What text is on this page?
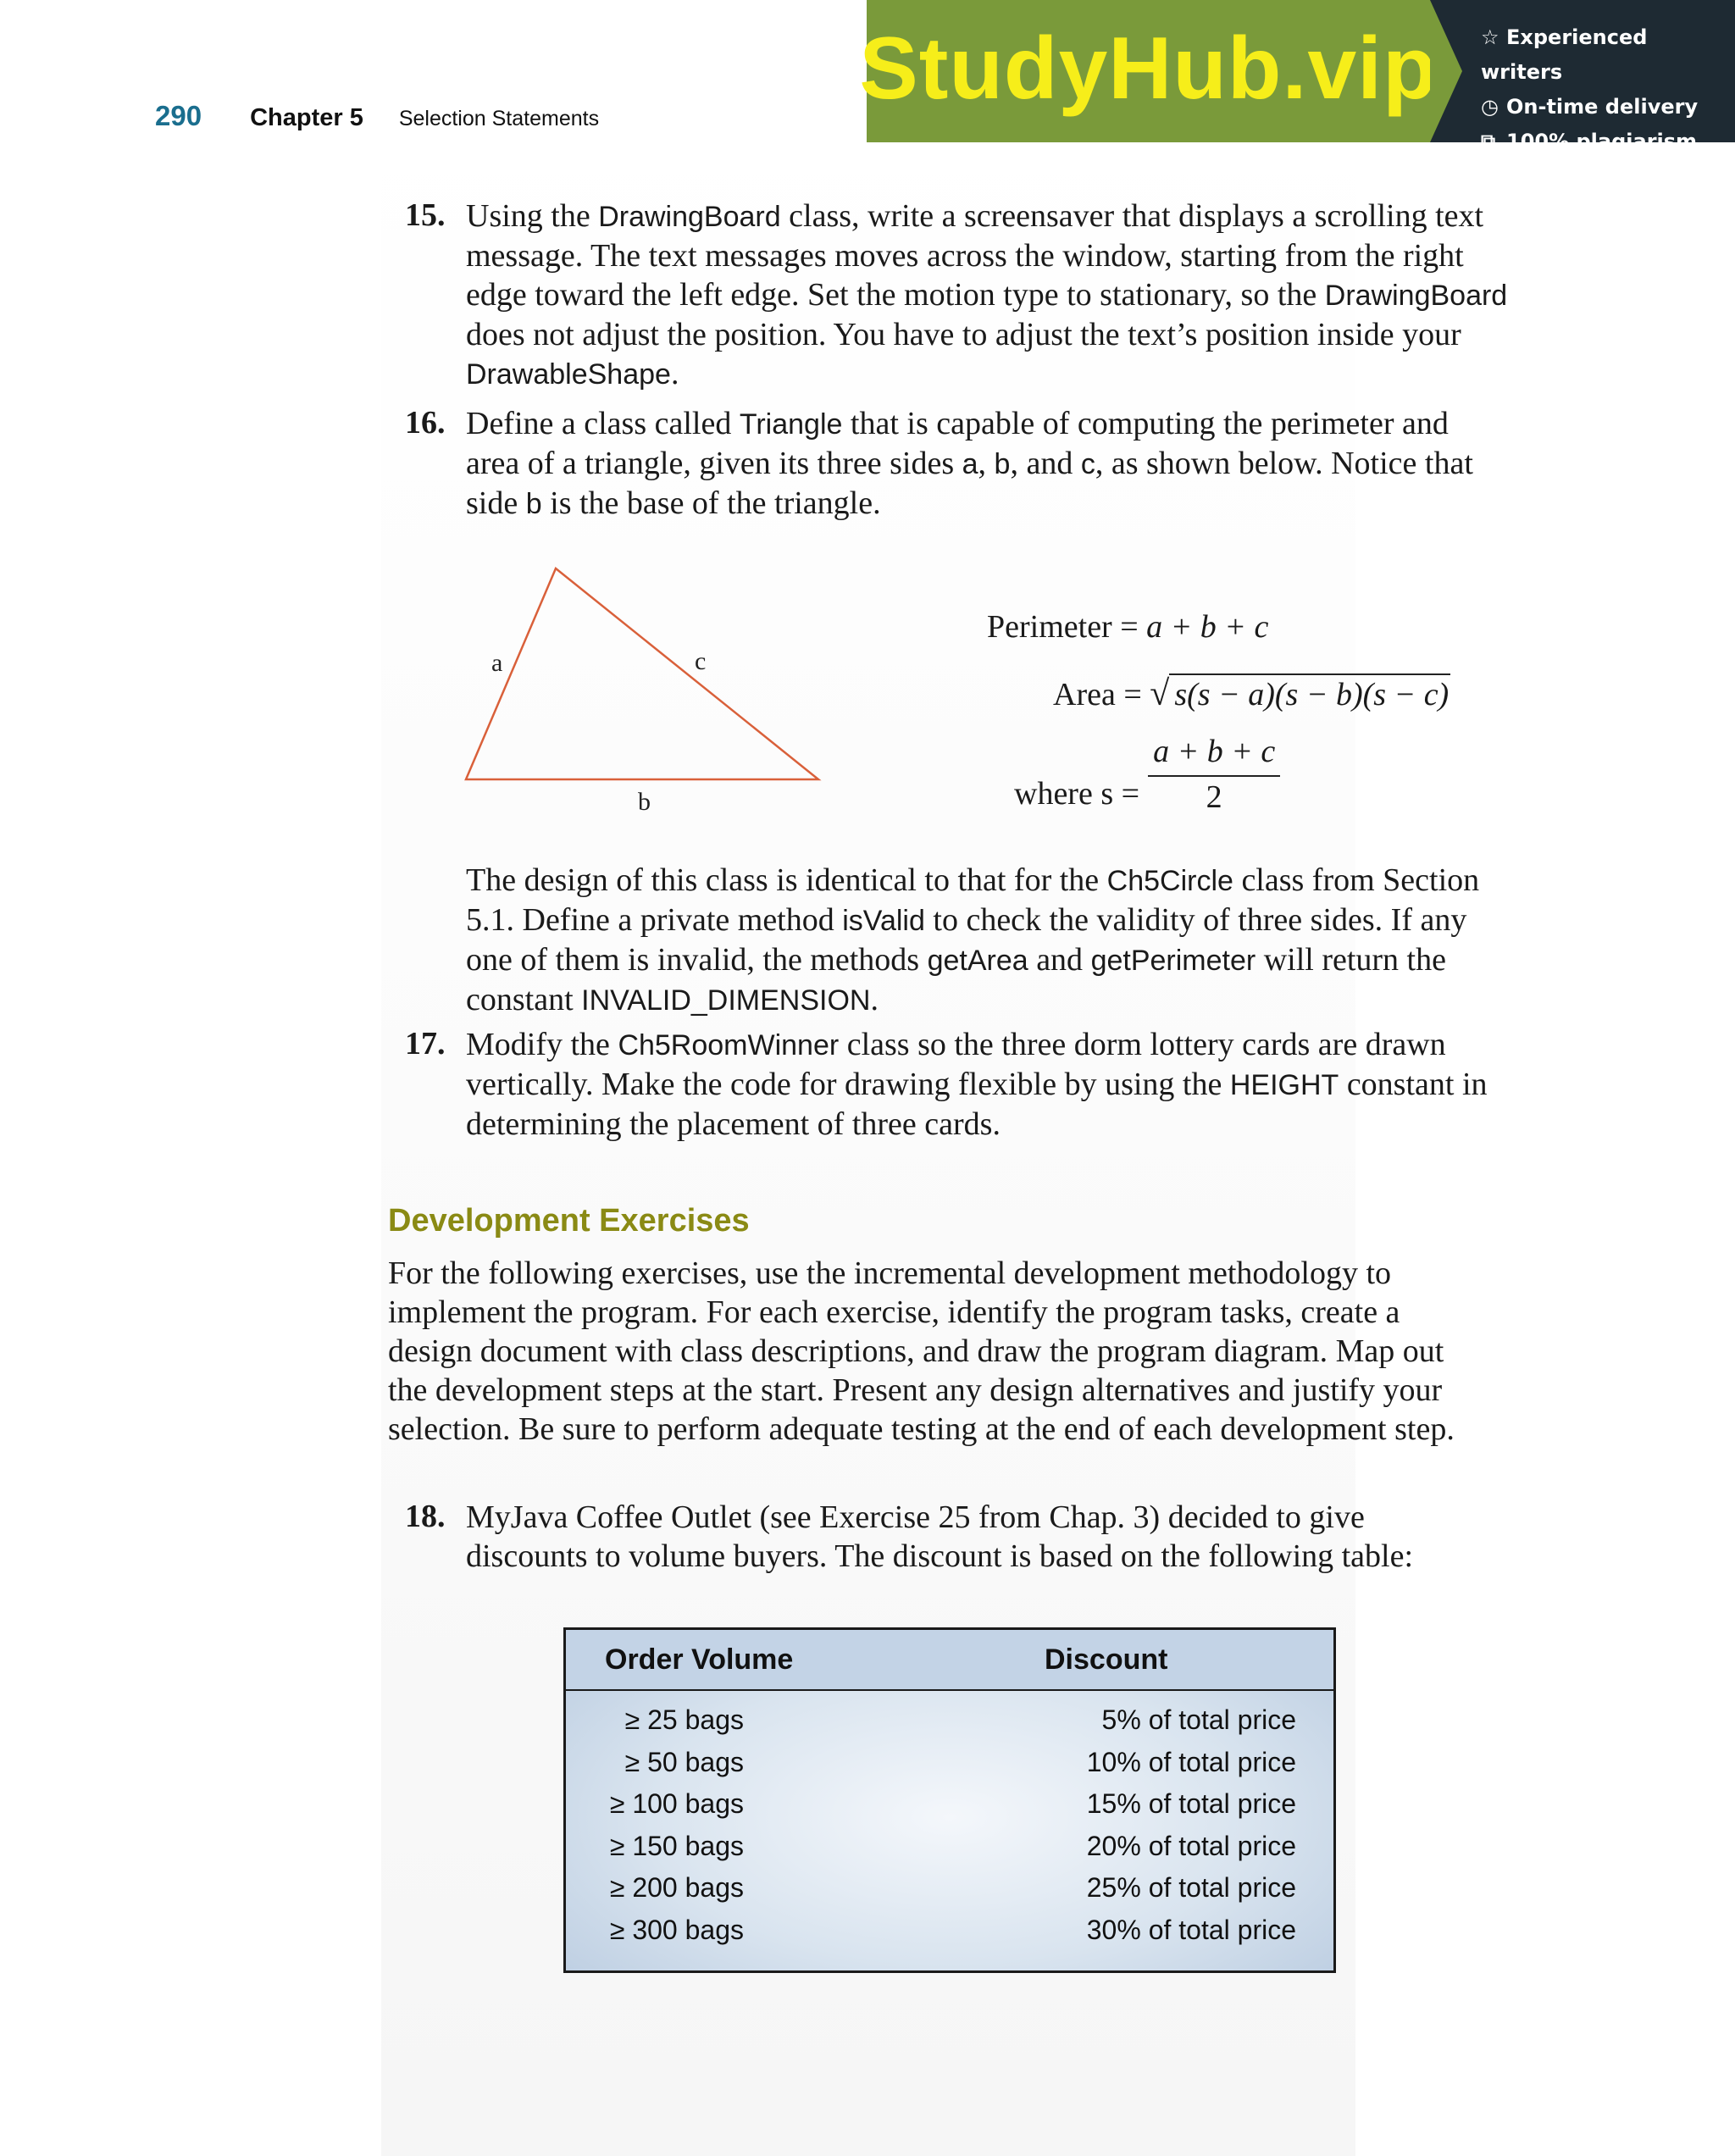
290 Chapter 5 Selection Statements
StudyHub.vip ☆ Experienced writers
◷ On-time delivery
⧉ 100% plagiarism free
15. Using the DrawingBoard class, write a screensaver that displays a scrolling text message. The text messages moves across the window, starting from the right edge toward the left edge. Set the motion type to stationary, so the DrawingBoard does not adjust the position. You have to adjust the text’s position inside your DrawableShape.
16. Define a class called Triangle that is capable of computing the perimeter and area of a triangle, given its three sides a, b, and c, as shown below. Notice that side b is the base of the triangle.
a	c
b
Perimeter = a + b + c
Area = √ s(s − a)(s − b)(s − c)
where $s = \frac{a + b + c}{2}$
The design of this class is identical to that for the Ch5Circle class from Section 5.1. Define a private method isValid to check the validity of three sides. If any one of them is invalid, the methods getArea and getPerimeter will return the constant INVALID_DIMENSION.
17. Modify the Ch5RoomWinner class so the three dorm lottery cards are drawn vertically. Make the code for drawing flexible by using the HEIGHT constant in determining the placement of three cards.
Development Exercises
For the following exercises, use the incremental development methodology to implement the program. For each exercise, identify the program tasks, create a design document with class descriptions, and draw the program diagram. Map out the development steps at the start. Present any design alternatives and justify your selection. Be sure to perform adequate testing at the end of each development step.
18. MyJava Coffee Outlet (see Exercise 25 from Chap. 3) decided to give discounts to volume buyers. The discount is based on the following table:
Order Volume	Discount
≥ 25 bags	5% of total price
≥ 50 bags	10% of total price
≥ 100 bags	15% of total price
≥ 150 bags	20% of total price
≥ 200 bags	25% of total price
≥ 300 bags	30% of total price
